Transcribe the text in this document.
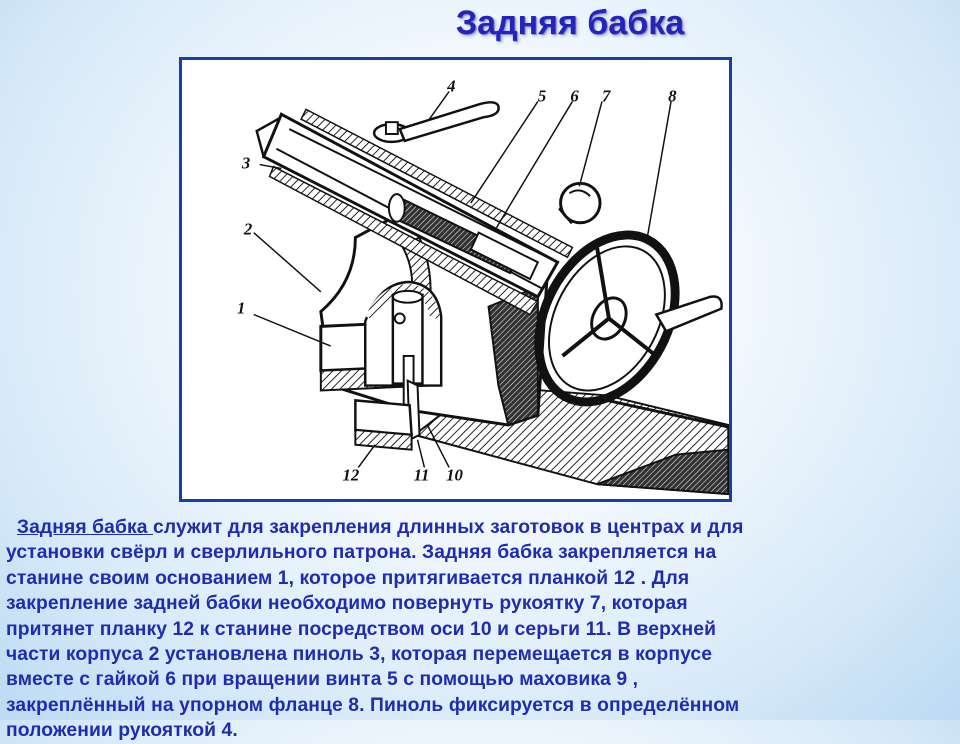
Задняя бабка
1
2
3
4
5 6 7	8
10
11
12
Задняя бабка служит для закрепления длинных заготовок в центрах и для
установки свёрл и сверлильного патрона. Задняя бабка закрепляется на
станине своим основанием 1, которое притягивается планкой 12 . Для
закрепление задней бабки необходимо повернуть рукоятку 7, которая
притянет планку 12 к станине посредством оси 10 и серьги 11. В верхней
части корпуса 2 установлена пиноль 3, которая перемещается в корпусе
вместе с гайкой 6 при вращении винта 5 с помощью маховика 9 ,
закреплённый на упорном фланце 8. Пиноль фиксируется в определённом
положении рукояткой 4.
